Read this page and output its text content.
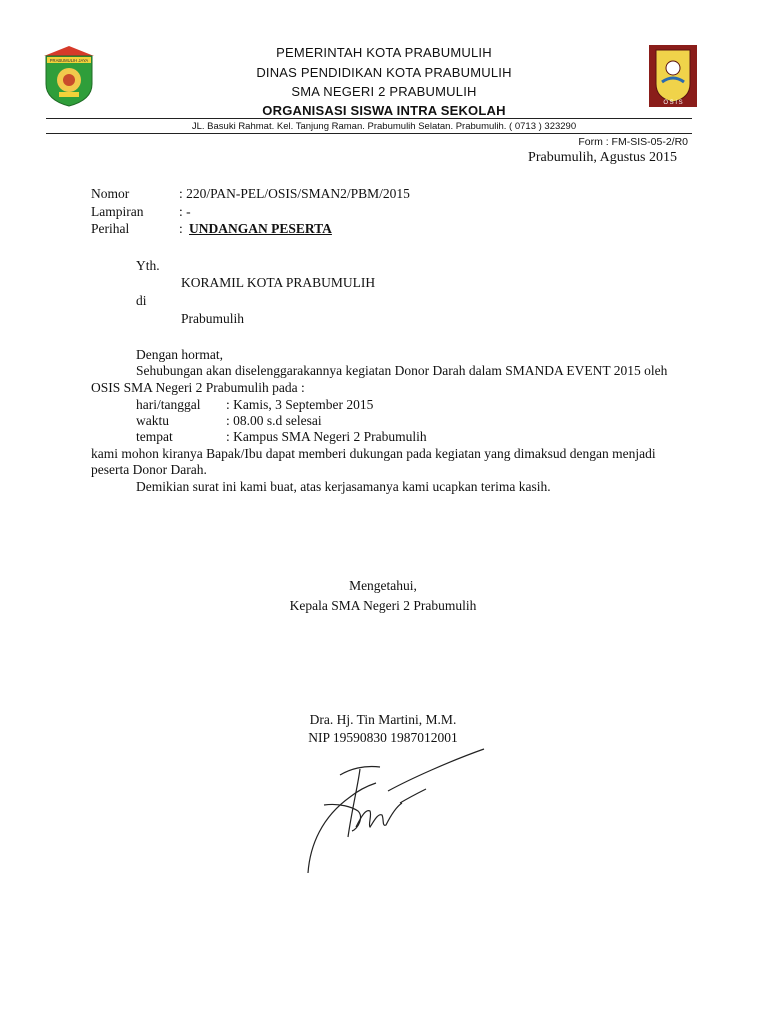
PRABUMULIH JAYA
O S I S
PEMERINTAH KOTA PRABUMULIH
DINAS PENDIDIKAN KOTA PRABUMULIH
SMA NEGERI 2 PRABUMULIH
ORGANISASI SISWA INTRA SEKOLAH
JL. Basuki Rahmat. Kel. Tanjung Raman. Prabumulih Selatan. Prabumulih. ( 0713 ) 323290
Form : FM-SIS-05-2/R0
Prabumulih, Agustus 2015
Nomor	: 220/PAN-PEL/OSIS/SMAN2/PBM/2015
Lampiran	: -
Perihal	: UNDANGAN PESERTA
Yth.
KORAMIL KOTA PRABUMULIH
di
Prabumulih
Dengan hormat,
Sehubungan akan diselenggarakannya kegiatan Donor Darah dalam SMANDA EVENT 2015 oleh
OSIS SMA Negeri 2 Prabumulih pada :
hari/tanggal : Kamis, 3 September 2015
waktu	: 08.00 s.d selesai
tempat	: Kampus SMA Negeri 2 Prabumulih
kami mohon kiranya Bapak/Ibu dapat memberi dukungan pada kegiatan yang dimaksud dengan menjadi
peserta Donor Darah.
Demikian surat ini kami buat, atas kerjasamanya kami ucapkan terima kasih.
Mengetahui,
Kepala SMA Negeri 2 Prabumulih
Dra. Hj. Tin Martini, M.M.
NIP 19590830 1987012001
